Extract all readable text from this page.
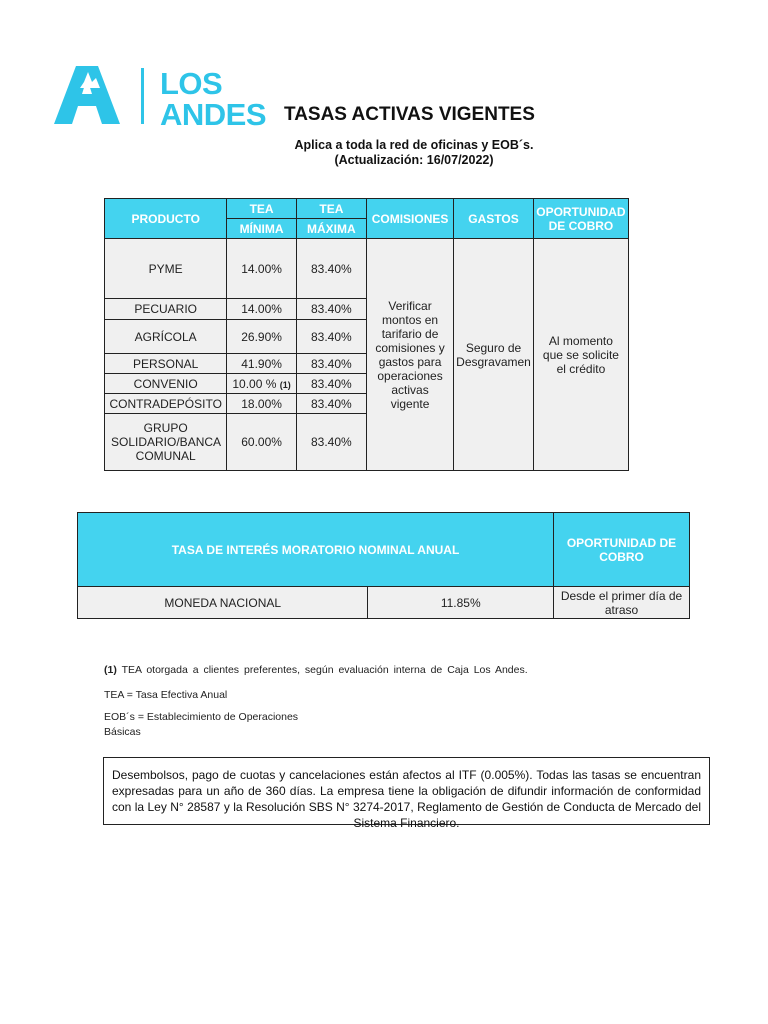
LOS
ANDES TASAS ACTIVAS VIGENTES
Aplica a toda la red de oficinas y EOB´s.
(Actualización: 16/07/2022)
PRODUCTO	TEA	TEA	COMISIONES	GASTOS	OPORTUNIDAD DE COBRO
	MÍNIMA	MÁXIMA			
PYME	14.00%	83.40%	Verificar montos en tarifario de comisiones y gastos para operaciones activas vigente	Seguro de Desgravamen	Al momento que se solicite el crédito
PECUARIO	14.00%	83.40%			
AGRÍCOLA	26.90%	83.40%			
PERSONAL	41.90%	83.40%			
CONVENIO	10.00 % (1)	83.40%			
CONTRADEPÓSITO	18.00%	83.40%			
GRUPO SOLIDARIO/BANCA COMUNAL	60.00%	83.40%			
TASA DE INTERÉS MORATORIO NOMINAL ANUAL		OPORTUNIDAD DE COBRO
MONEDA NACIONAL	11.85%	Desde el primer día de atraso
(1) TEA otorgada a clientes preferentes, según evaluación interna de Caja Los Andes.
TEA = Tasa Efectiva Anual
EOB´s = Establecimiento de Operaciones Básicas
Desembolsos, pago de cuotas y cancelaciones están afectos al ITF (0.005%). Todas las tasas se encuentran expresadas para un año de 360 días. La empresa tiene la obligación de difundir información de conformidad con la Ley N° 28587 y la Resolución SBS N° 3274-2017, Reglamento de Gestión de Conducta de Mercado del Sistema Financiero.
